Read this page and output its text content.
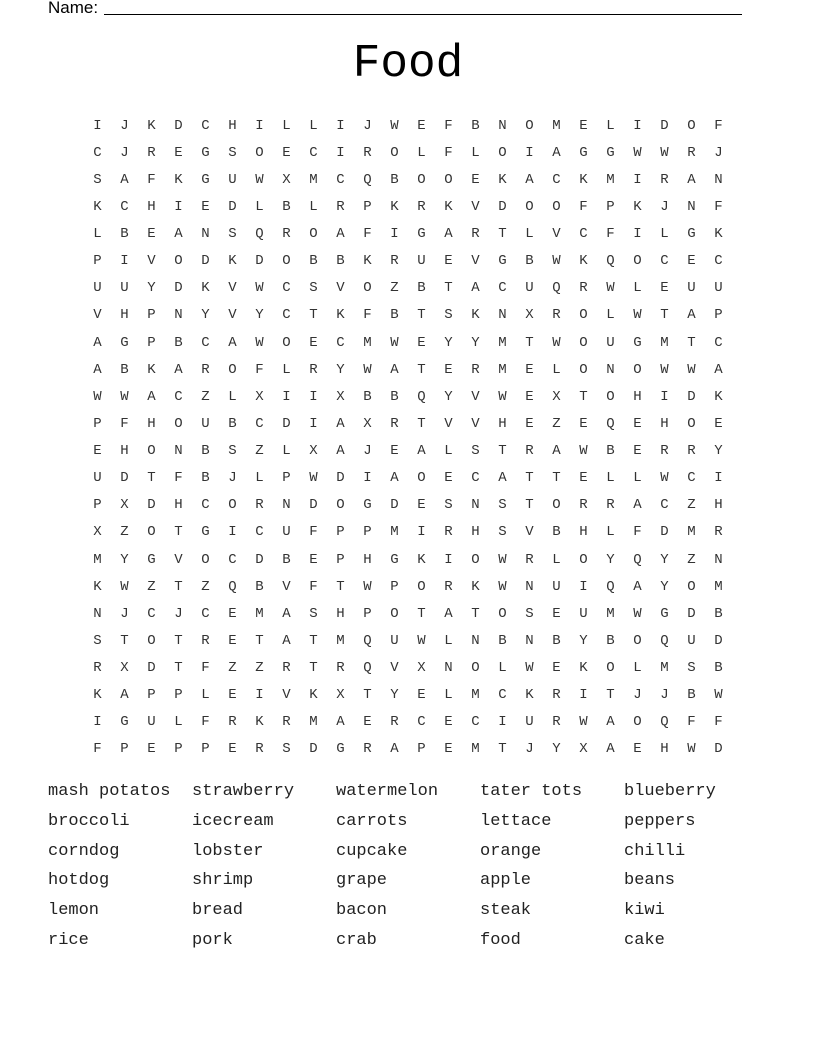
Name:
Food
I	J	K	D	C	H	I	L	L	I	J	W	E	F	B	N	O	M	E	L	I	D	O	F
C	J	R	E	G	S	O	E	C	I	R	O	L	F	L	O	I	A	G	G	W	W	R	J
S	A	F	K	G	U	W	X	M	C	Q	B	O	O	E	K	A	C	K	M	I	R	A	N
K	C	H	I	E	D	L	B	L	R	P	K	R	K	V	D	O	O	F	P	K	J	N	F
L	B	E	A	N	S	Q	R	O	A	F	I	G	A	R	T	L	V	C	F	I	L	G	K
P	I	V	O	D	K	D	O	B	B	K	R	U	E	V	G	B	W	K	Q	O	C	E	C
U	U	Y	D	K	V	W	C	S	V	O	Z	B	T	A	C	U	Q	R	W	L	E	U	U
V	H	P	N	Y	V	Y	C	T	K	F	B	T	S	K	N	X	R	O	L	W	T	A	P
A	G	P	B	C	A	W	O	E	C	M	W	E	Y	Y	M	T	W	O	U	G	M	T	C
A	B	K	A	R	O	F	L	R	Y	W	A	T	E	R	M	E	L	O	N	O	W	W	A
W	W	A	C	Z	L	X	I	I	X	B	B	Q	Y	V	W	E	X	T	O	H	I	D	K
P	F	H	O	U	B	C	D	I	A	X	R	T	V	V	H	E	Z	E	Q	E	H	O	E
E	H	O	N	B	S	Z	L	X	A	J	E	A	L	S	T	R	A	W	B	E	R	R	Y
U	D	T	F	B	J	L	P	W	D	I	A	O	E	C	A	T	T	E	L	L	W	C	I
P	X	D	H	C	O	R	N	D	O	G	D	E	S	N	S	T	O	R	R	A	C	Z	H
X	Z	O	T	G	I	C	U	F	P	P	M	I	R	H	S	V	B	H	L	F	D	M	R
M	Y	G	V	O	C	D	B	E	P	H	G	K	I	O	W	R	L	O	Y	Q	Y	Z	N
K	W	Z	T	Z	Q	B	V	F	T	W	P	O	R	K	W	N	U	I	Q	A	Y	O	M
N	J	C	J	C	E	M	A	S	H	P	O	T	A	T	O	S	E	U	M	W	G	D	B
S	T	O	T	R	E	T	A	T	M	Q	U	W	L	N	B	N	B	Y	B	O	Q	U	D
R	X	D	T	F	Z	Z	R	T	R	Q	V	X	N	O	L	W	E	K	O	L	M	S	B
K	A	P	P	L	E	I	V	K	X	T	Y	E	L	M	C	K	R	I	T	J	J	B	W
I	G	U	L	F	R	K	R	M	A	E	R	C	E	C	I	U	R	W	A	O	Q	F	F
F	P	E	P	P	E	R	S	D	G	R	A	P	E	M	T	J	Y	X	A	E	H	W	D
mash potatos	strawberry	watermelon	tater tots	blueberry
broccoli	icecream	carrots	lettace	peppers
corndog	lobster	cupcake	orange	chilli
hotdog	shrimp	grape	apple	beans
lemon	bread	bacon	steak	kiwi
rice	pork	crab	food	cake
